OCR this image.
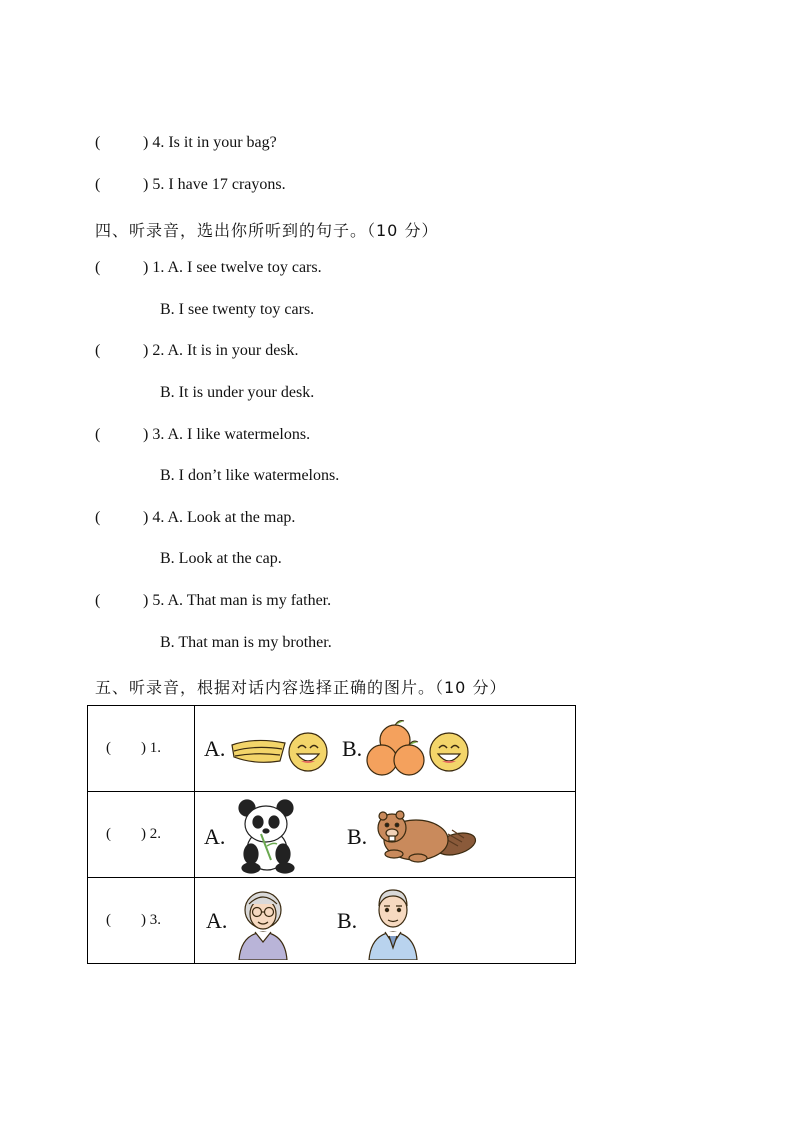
(	) 4. Is it in your bag?
(	) 5. I have 17 crayons.
四、听录音，选出你所听到的句子。（10 分）
(	) 1. A. I see twelve toy cars.
B. I see twenty toy cars.
(	) 2. A. It is in your desk.
B. It is under your desk.
(	) 3. A. I like watermelons.
B. I don’t like watermelons.
(	) 4. A. Look at the map.
B. Look at the cap.
(	) 5. A. That man is my father.
B. That man is my brother.
五、听录音，根据对话内容选择正确的图片。（10 分）
( ) 1.	A. B.

( ) 2.	A. B.

( ) 3.	A. B.
